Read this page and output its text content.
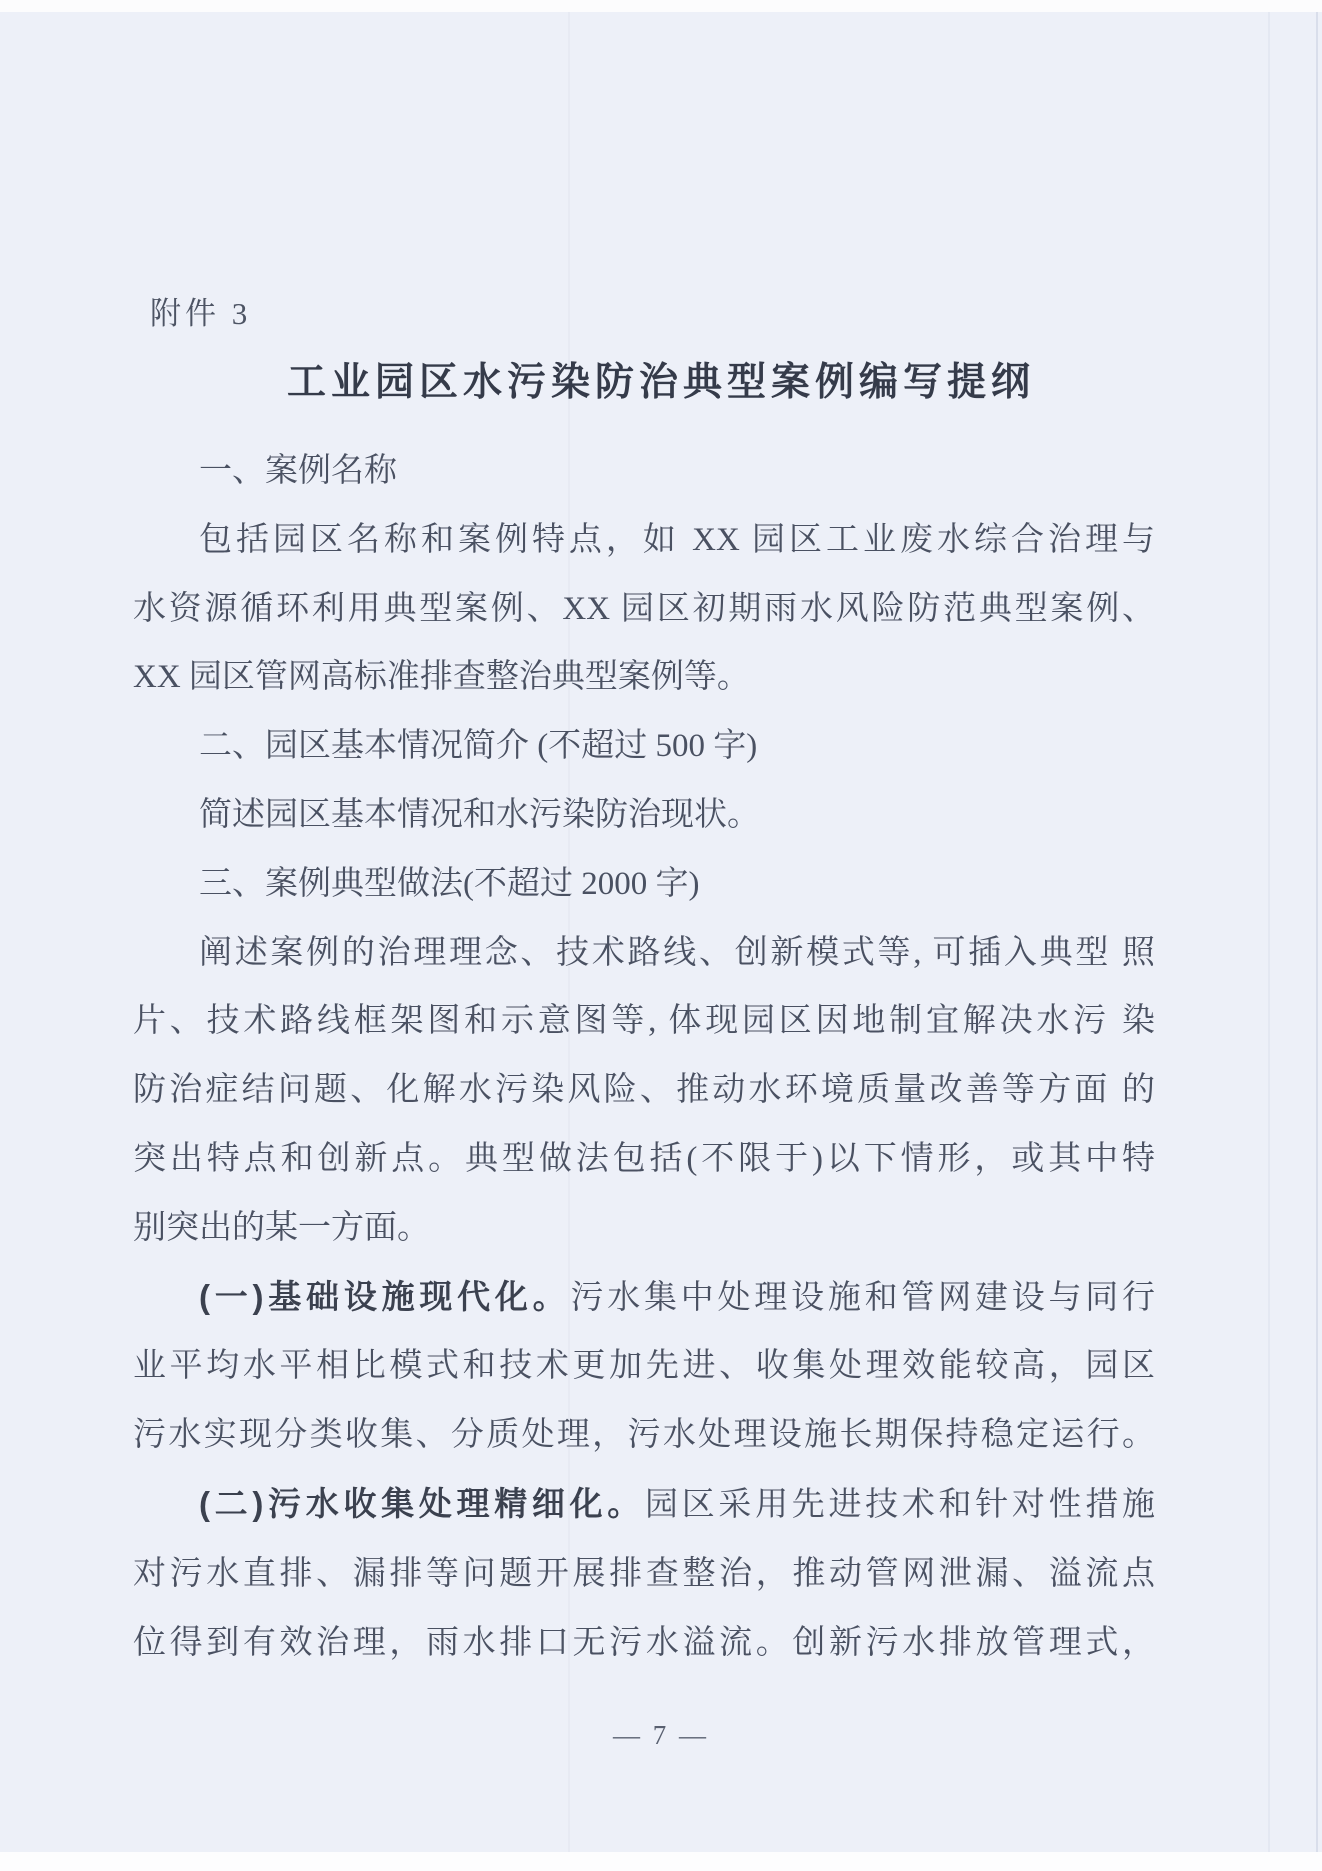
附件 3
工业园区水污染防治典型案例编写提纲
一、案例名称
包括园区名称和案例特点，如 XX 园区工业废水综合治理与
水资源循环利用典型案例、XX 园区初期雨水风险防范典型案例、
XX 园区管网高标准排查整治典型案例等。
二、园区基本情况简介 (不超过 500 字)
简述园区基本情况和水污染防治现状。
三、案例典型做法(不超过 2000 字)
阐述案例的治理理念、技术路线、创新模式等, 可插入典型 照
片、技术路线框架图和示意图等, 体现园区因地制宜解决水污 染
防治症结问题、化解水污染风险、推动水环境质量改善等方面 的
突出特点和创新点。典型做法包括(不限于)以下情形，或其中特
别突出的某一方面。
(一)基础设施现代化。污水集中处理设施和管网建设与同行
业平均水平相比模式和技术更加先进、收集处理效能较高，园区
污水实现分类收集、分质处理，污水处理设施长期保持稳定运行。
(二)污水收集处理精细化。园区采用先进技术和针对性措施
对污水直排、漏排等问题开展排查整治，推动管网泄漏、溢流点
位得到有效治理，雨水排口无污水溢流。创新污水排放管理式，
— 7 —
